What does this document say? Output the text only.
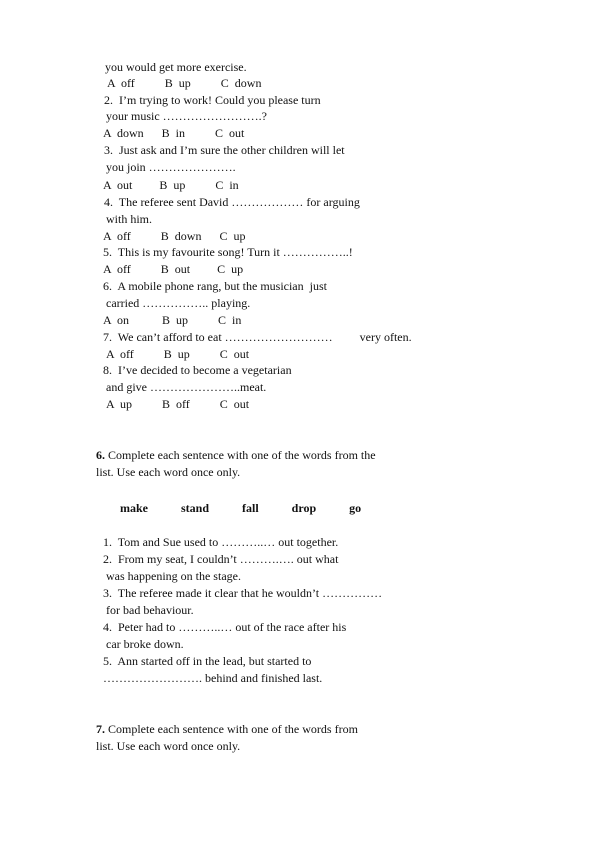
you would get more exercise.
A  off          B  up          C  down
2.  I’m trying to work! Could you please turn
your music …………………….?
A  down      B  in          C  out
3.  Just ask and I’m sure the other children will let
you join ………………….
A  out         B  up          C  in
4.  The referee sent David ……………… for arguing
with him.
A  off          B  down      C  up
5.  This is my favourite song! Turn it ……………..!
A  off          B  out         C  up
6.  A mobile phone rang, but the musician  just
carried …………….. playing.
A  on           B  up          C  in
7.  We can’t afford to eat ………………………         very often.
A  off          B  up          C  out
8.  I’ve decided to become a vegetarian
and give …………………..meat.
A  up          B  off          C  out
6. Complete each sentence with one of the words from the
list. Use each word once only.
make   stand   fall   drop   go
1.  Tom and Sue used to ………..… out together.
2.  From my seat, I couldn’t ……….…. out what
was happening on the stage.
3.  The referee made it clear that he wouldn’t ……………
for bad behaviour.
4.  Peter had to ………..… out of the race after his
car broke down.
5.  Ann started off in the lead, but started to
……………………. behind and finished last.
7. Complete each sentence with one of the words from
list. Use each word once only.
